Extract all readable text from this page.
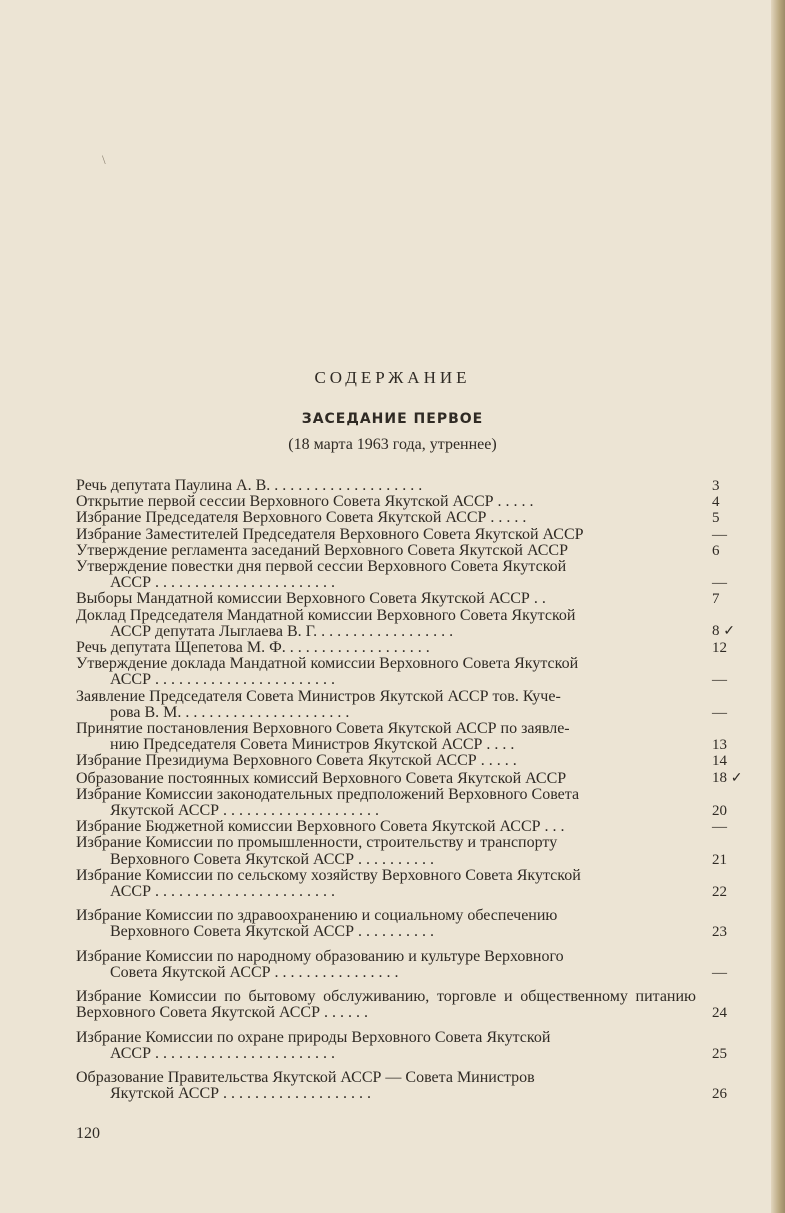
\
СОДЕРЖАНИЕ
ЗАСЕДАНИЕ ПЕРВОЕ
(18 марта 1963 года, утреннее)
Речь депутата Паулина А. В. . . . . . . . . . . . . . . . . . . .	3
Открытие первой сессии Верховного Совета Якутской АССР . . . . .	4
Избрание Председателя Верховного Совета Якутской АССР . . . . .	5
Избрание Заместителей Председателя Верховного Совета Якутской АССР	—
Утверждение регламента заседаний Верховного Совета Якутской АССР	6
Утверждение повестки дня первой сессии Верховного Совета Якутской
АССР . . . . . . . . . . . . . . . . . . . . . . .	—
Выборы Мандатной комиссии Верховного Совета Якутской АССР . .	7
Доклад Председателя Мандатной комиссии Верховного Совета Якутской
АССР депутата Лыглаева В. Г. . . . . . . . . . . . . . . . . .	8 ✓
Речь депутата Щепетова М. Ф. . . . . . . . . . . . . . . . . . .	12
Утверждение доклада Мандатной комиссии Верховного Совета Якутской
АССР . . . . . . . . . . . . . . . . . . . . . . .	—
Заявление Председателя Совета Министров Якутской АССР тов. Куче-
рова В. М. . . . . . . . . . . . . . . . . . . . . .	—
Принятие постановления Верховного Совета Якутской АССР по заявле-
нию Председателя Совета Министров Якутской АССР . . . .	13
Избрание Президиума Верховного Совета Якутской АССР . . . . .	14
Образование постоянных комиссий Верховного Совета Якутской АССР	18 ✓
Избрание Комиссии законодательных предположений Верховного Совета
Якутской АССР . . . . . . . . . . . . . . . . . . . .	20
Избрание Бюджетной комиссии Верховного Совета Якутской АССР . . .	—
Избрание Комиссии по промышленности, строительству и транспорту
Верховного Совета Якутской АССР . . . . . . . . . .	21
Избрание Комиссии по сельскому хозяйству Верховного Совета Якутской
АССР . . . . . . . . . . . . . . . . . . . . . . .	22
Избрание Комиссии по здравоохранению и социальному обеспечению
Верховного Совета Якутской АССР . . . . . . . . . .	23
Избрание Комиссии по народному образованию и культуре Верховного
Совета Якутской АССР . . . . . . . . . . . . . . . .	—
Избрание Комиссии по бытовому обслуживанию, торговле и общественному питанию Верховного Совета Якутской АССР . . . . . .	24
Избрание Комиссии по охране природы Верховного Совета Якутской
АССР . . . . . . . . . . . . . . . . . . . . . . .	25
Образование Правительства Якутской АССР — Совета Министров
Якутской АССР . . . . . . . . . . . . . . . . . . .	26
120
